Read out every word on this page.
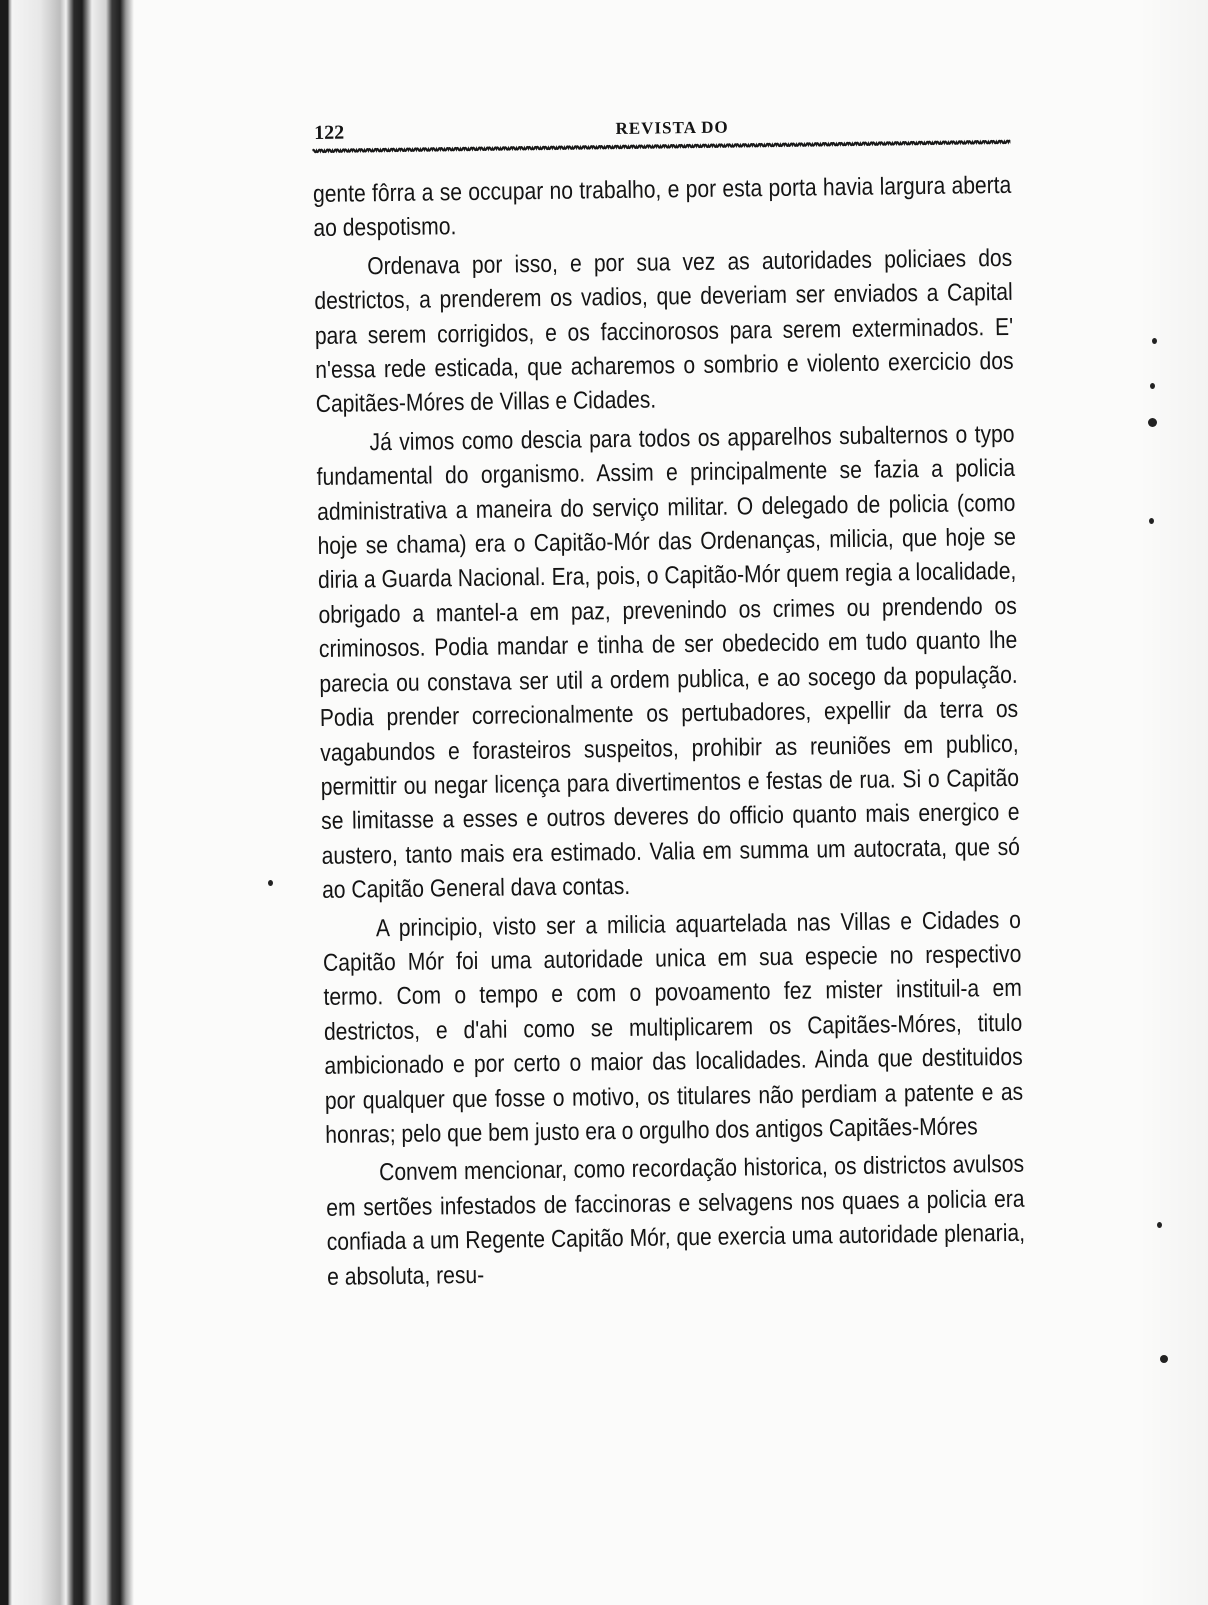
122	REVISTA DO

gente fôrra a se occupar no trabalho, e por esta porta havia largura aberta ao despotismo.

Ordenava por isso, e por sua vez as autoridades policiaes dos destrictos, a prenderem os vadios, que deveriam ser enviados a Capital para serem corrigidos, e os faccinorosos para serem exterminados. E' n'essa rede esticada, que acharemos o sombrio e violento exercicio dos Capitães-Móres de Villas e Cidades.

Já vimos como descia para todos os apparelhos subalternos o typo fundamental do organismo. Assim e principalmente se fazia a policia administrativa a maneira do serviço militar. O delegado de policia (como hoje se chama) era o Capitão-Mór das Ordenanças, milicia, que hoje se diria a Guarda Nacional. Era, pois, o Capitão-Mór quem regia a localidade, obrigado a mantel-a em paz, prevenindo os crimes ou prendendo os criminosos. Podia mandar e tinha de ser obedecido em tudo quanto lhe parecia ou constava ser util a ordem publica, e ao socego da população. Podia prender correcionalmente os pertubadores, expellir da terra os vagabundos e forasteiros suspeitos, prohibir as reuniões em publico, permittir ou negar licença para divertimentos e festas de rua. Si o Capitão se limitasse a esses e outros deveres do officio quanto mais energico e austero, tanto mais era estimado. Valia em summa um autocrata, que só ao Capitão General dava contas.

A principio, visto ser a milicia aquartelada nas Villas e Cidades o Capitão Mór foi uma autoridade unica em sua especie no respectivo termo. Com o tempo e com o povoamento fez mister instituil-a em destrictos, e d'ahi como se multiplicarem os Capitães-Móres, titulo ambicionado e por certo o maior das localidades. Ainda que destituidos por qualquer que fosse o motivo, os titulares não perdiam a patente e as honras; pelo que bem justo era o orgulho dos antigos Capitães-Móres

Convem mencionar, como recordação historica, os districtos avulsos em sertões infestados de faccinoras e selvagens nos quaes a policia era confiada a um Regente Capitão Mór, que exercia uma autoridade plenaria, e absoluta, resu-
